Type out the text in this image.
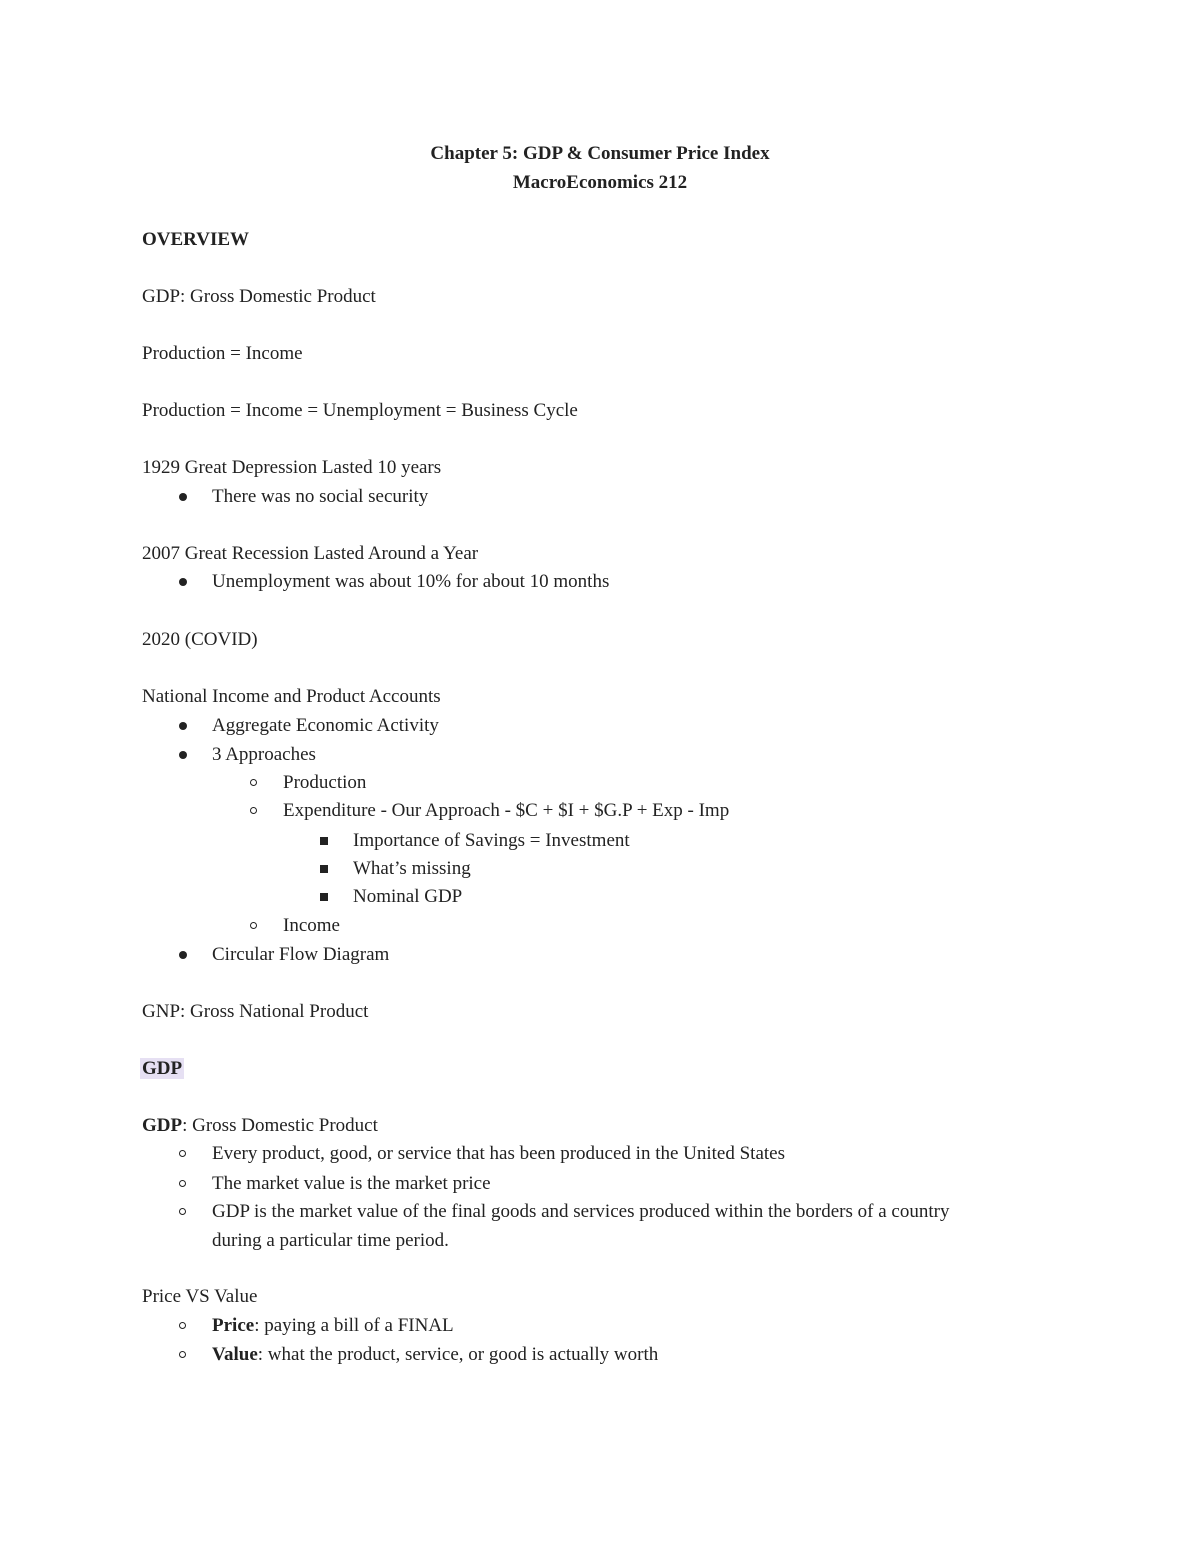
Chapter 5: GDP & Consumer Price Index
MacroEconomics 212
OVERVIEW
GDP: Gross Domestic Product
Production = Income
Production = Income = Unemployment = Business Cycle
1929 Great Depression Lasted 10 years
There was no social security
2007 Great Recession Lasted Around a Year
Unemployment was about 10% for about 10 months
2020 (COVID)
National Income and Product Accounts
Aggregate Economic Activity
3 Approaches
Production
Expenditure - Our Approach - $C + $I + $G.P + Exp - Imp
Importance of Savings = Investment
What’s missing
Nominal GDP
Income
Circular Flow Diagram
GNP: Gross National Product
GDP
GDP: Gross Domestic Product
Every product, good, or service that has been produced in the United States
The market value is the market price
GDP is the market value of the final goods and services produced within the borders of a country
during a particular time period.
Price VS Value
Price: paying a bill of a FINAL
Value: what the product, service, or good is actually worth
